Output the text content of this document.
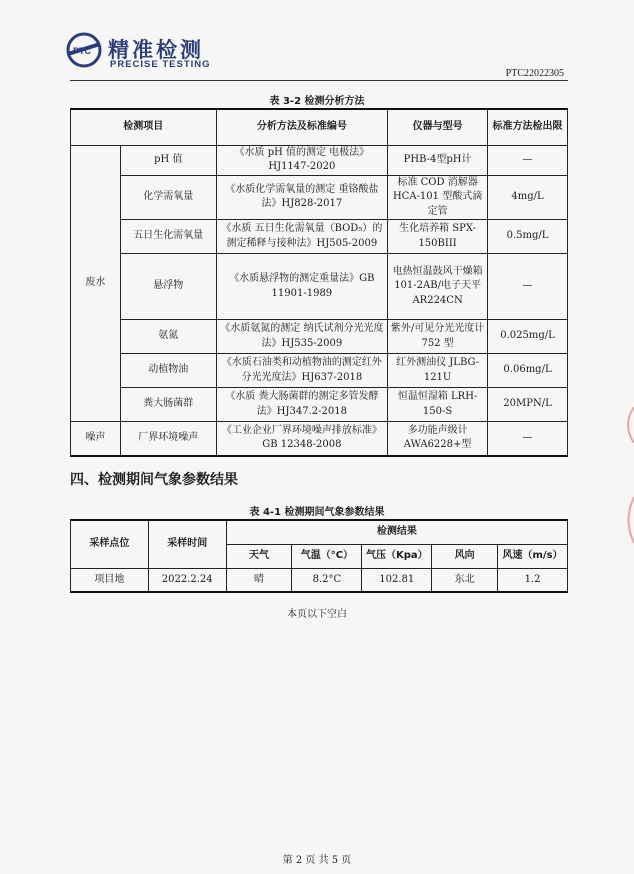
PTC 精准检测
PRECISE TESTING
PTC22022305
表 3-2 检测分析方法
检测项目		分析方法及标准编号	仪器与型号	标准方法检出限
废水	pH 值	《水质 pH 值的测定 电极法》HJ1147-2020	PHB-4型pH计	—
	化学需氧量	《水质化学需氧量的测定 重铬酸盐法》HJ828-2017	标准 COD 消解器 HCA-101 型酸式滴定管	4mg/L
	五日生化需氧量	《水质 五日生化需氧量（BOD₅）的测定稀释与接种法》HJ505-2009	生化培养箱 SPX-150BIII	0.5mg/L
	悬浮物	《水质悬浮物的测定重量法》GB 11901-1989	电热恒温鼓风干燥箱 101-2AB/电子天平 AR224CN	—
	氨氮	《水质氨氮的测定 纳氏试剂分光光度法》HJ535-2009	紫外/可见分光光度计 752 型	0.025mg/L
	动植物油	《水质石油类和动植物油的测定红外分光光度法》HJ637-2018	红外测油仪 JLBG-121U	0.06mg/L
	粪大肠菌群	《水质 粪大肠菌群的测定多管发酵法》HJ347.2-2018	恒温恒湿箱 LRH-150-S	20MPN/L
噪声	厂界环境噪声	《工业企业厂界环境噪声排放标准》GB 12348-2008	多功能声级计 AWA6228+型	—
四、检测期间气象参数结果
表 4-1 检测期间气象参数结果
采样点位	采样时间	检测结果				
		天气	气温（°C）	气压（Kpa）	风向	风速（m/s）
项目地	2022.2.24	晴	8.2°C	102.81	东北	1.2
本页以下空白
第 2 页 共 5 页
